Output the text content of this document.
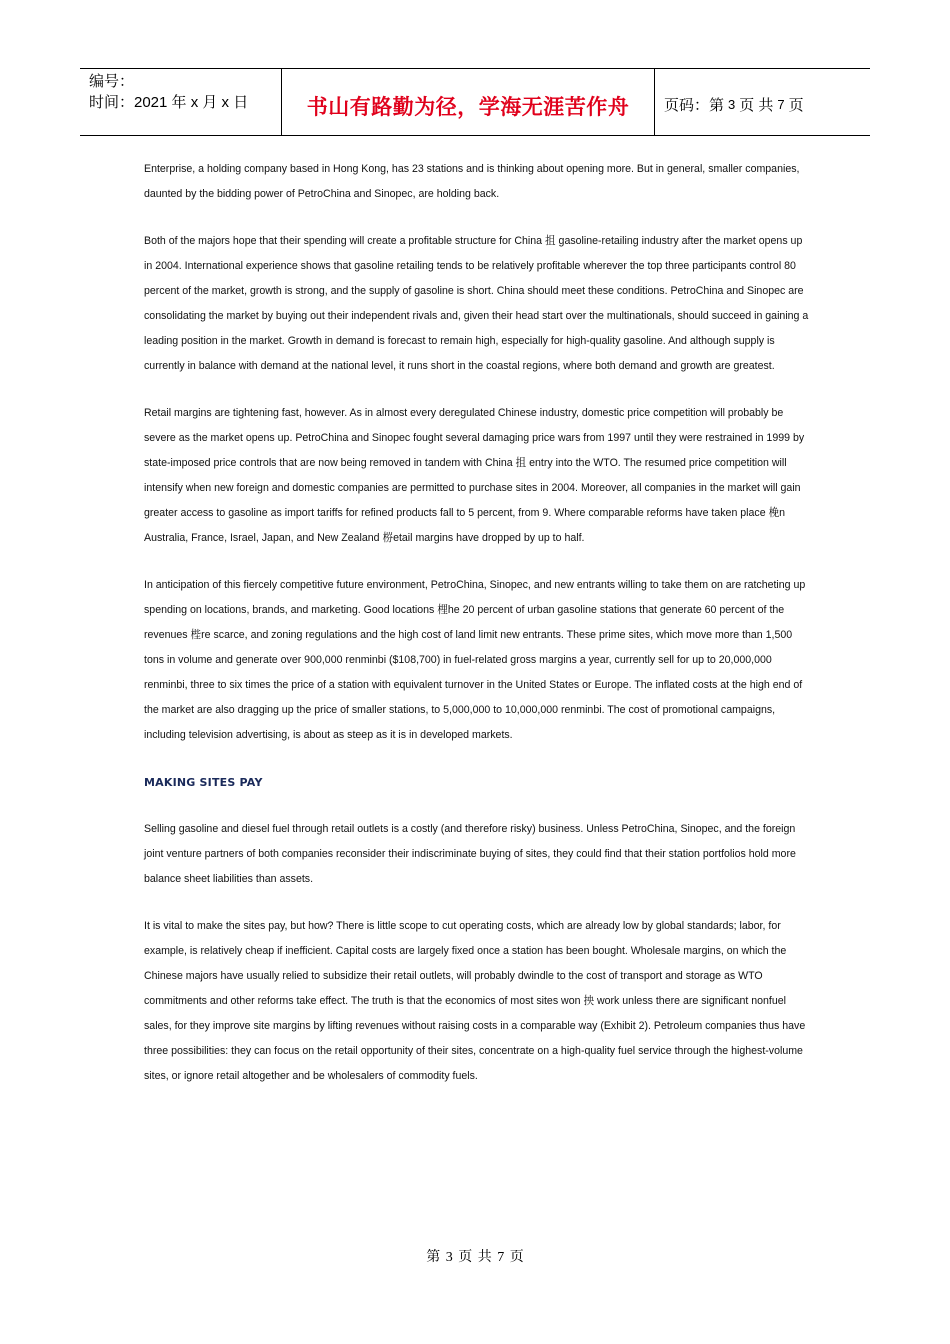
编号：
时间：2021 年 x 月 x 日	书山有路勤为径，学海无涯苦作舟	页码：第 3 页 共 7 页

Enterprise, a holding company based in Hong Kong, has 23 stations and is thinking about opening more. But in general, smaller companies, daunted by the bidding power of PetroChina and Sinopec, are holding back.

Both of the majors hope that their spending will create a profitable structure for China 抯 gasoline-retailing industry after the market opens up in 2004. International experience shows that gasoline retailing tends to be relatively profitable wherever the top three participants control 80 percent of the market, growth is strong, and the supply of gasoline is short. China should meet these conditions. PetroChina and Sinopec are consolidating the market by buying out their independent rivals and, given their head start over the multinationals, should succeed in gaining a leading position in the market. Growth in demand is forecast to remain high, especially for high-quality gasoline. And although supply is currently in balance with demand at the national level, it runs short in the coastal regions, where both demand and growth are greatest.

Retail margins are tightening fast, however. As in almost every deregulated Chinese industry, domestic price competition will probably be severe as the market opens up. PetroChina and Sinopec fought several damaging price wars from 1997 until they were restrained in 1999 by state-imposed price controls that are now being removed in tandem with China 抯 entry into the WTO. The resumed price competition will intensify when new foreign and domestic companies are permitted to purchase sites in 2004. Moreover, all companies in the market will gain greater access to gasoline as import tariffs for refined products fall to 5 percent, from 9. Where comparable reforms have taken place 梚n Australia, France, Israel, Japan, and New Zealand 梤etail margins have dropped by up to half.

In anticipation of this fiercely competitive future environment, PetroChina, Sinopec, and new entrants willing to take them on are ratcheting up spending on locations, brands, and marketing. Good locations 梩he 20 percent of urban gasoline stations that generate 60 percent of the revenues 梐re scarce, and zoning regulations and the high cost of land limit new entrants. These prime sites, which move more than 1,500 tons in volume and generate over 900,000 renminbi ($108,700) in fuel-related gross margins a year, currently sell for up to 20,000,000 renminbi, three to six times the price of a station with equivalent turnover in the United States or Europe. The inflated costs at the high end of the market are also dragging up the price of smaller stations, to 5,000,000 to 10,000,000 renminbi. The cost of promotional campaigns, including television advertising, is about as steep as it is in developed markets.

MAKING SITES PAY

Selling gasoline and diesel fuel through retail outlets is a costly (and therefore risky) business. Unless PetroChina, Sinopec, and the foreign joint venture partners of both companies reconsider their indiscriminate buying of sites, they could find that their station portfolios hold more balance sheet liabilities than assets.

It is vital to make the sites pay, but how? There is little scope to cut operating costs, which are already low by global standards; labor, for example, is relatively cheap if inefficient. Capital costs are largely fixed once a station has been bought. Wholesale margins, on which the Chinese majors have usually relied to subsidize their retail outlets, will probably dwindle to the cost of transport and storage as WTO commitments and other reforms take effect. The truth is that the economics of most sites won 抰 work unless there are significant nonfuel sales, for they improve site margins by lifting revenues without raising costs in a comparable way (Exhibit 2). Petroleum companies thus have three possibilities: they can focus on the retail opportunity of their sites, concentrate on a high-quality fuel service through the highest-volume sites, or ignore retail altogether and be wholesalers of commodity fuels.

第 3 页 共 7 页
